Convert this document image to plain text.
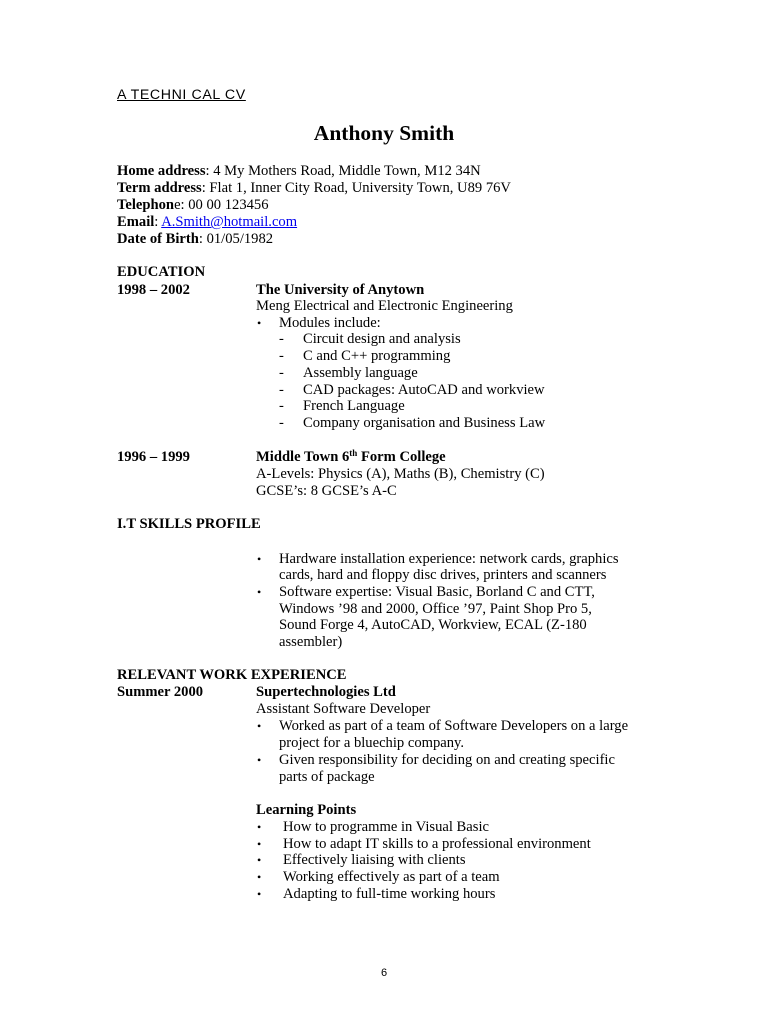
A TECHNI CAL CV
Anthony Smith
Home address: 4 My Mothers Road, Middle Town, M12 34N
Term address: Flat 1, Inner City Road, University Town, U89 76V
Telephone: 00 00 123456
Email: A.Smith@hotmail.com
Date of Birth: 01/05/1982
EDUCATION
1998 – 2002	The University of Anytown
Meng Electrical and Electronic Engineering
• Modules include:
- Circuit design and analysis
- C and C++ programming
- Assembly language
- CAD packages: AutoCAD and workview
- French Language
- Company organisation and Business Law
1996 – 1999	Middle Town 6th Form College
A-Levels: Physics (A), Maths (B), Chemistry (C)
GCSE’s: 8 GCSE’s A-C
I.T SKILLS PROFILE
• Hardware installation experience: network cards, graphics
cards, hard and floppy disc drives, printers and scanners
• Software expertise: Visual Basic, Borland C and CTT,
Windows ’98 and 2000, Office ’97, Paint Shop Pro 5,
Sound Forge 4, AutoCAD, Workview, ECAL (Z-180
assembler)
RELEVANT WORK EXPERIENCE
Summer 2000	Supertechnologies Ltd
Assistant Software Developer
• Worked as part of a team of Software Developers on a large
project for a bluechip company.
• Given responsibility for deciding on and creating specific
parts of package
Learning Points
• How to programme in Visual Basic
• How to adapt IT skills to a professional environment
• Effectively liaising with clients
• Working effectively as part of a team
• Adapting to full-time working hours
6
